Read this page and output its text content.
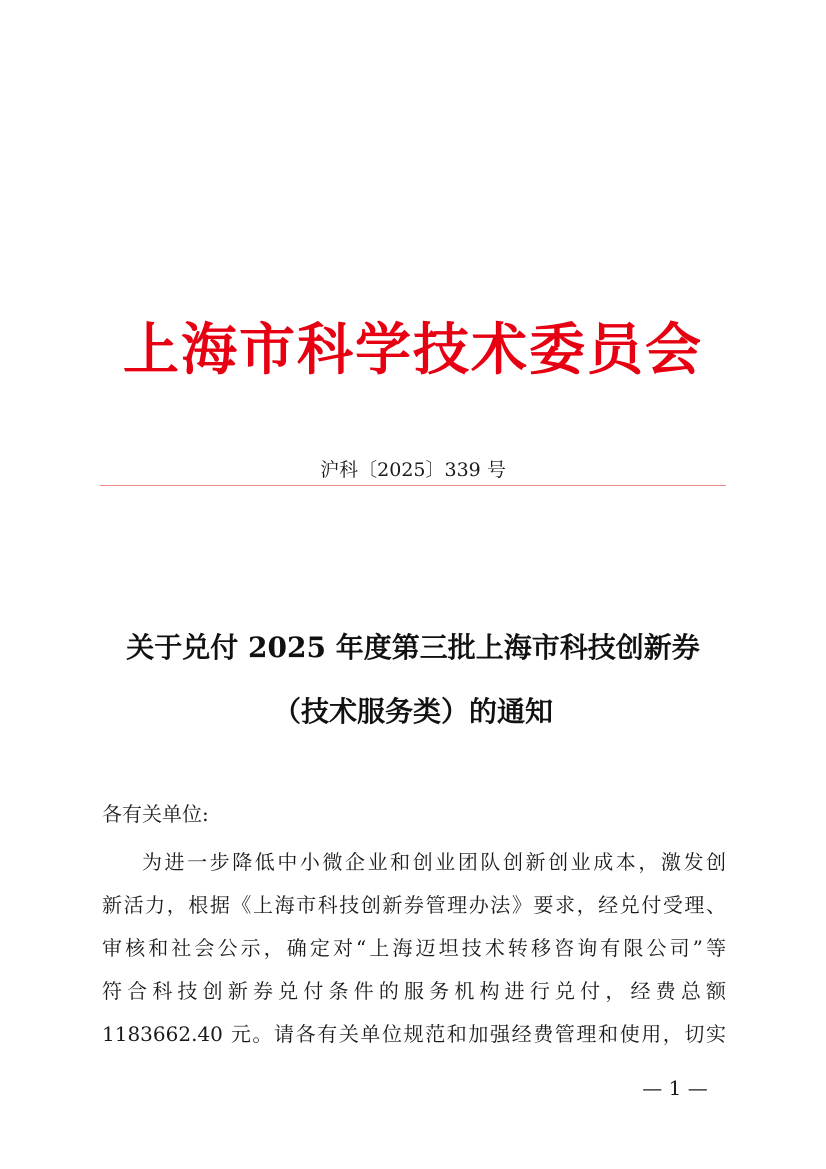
上海市科学技术委员会
沪科〔2025〕339 号
关于兑付 2025 年度第三批上海市科技创新券
（技术服务类）的通知
各有关单位:
为进一步降低中小微企业和创业团队创新创业成本，激发创
新活力，根据《上海市科技创新券管理办法》要求，经兑付受理、
审核和社会公示，确定对“上海迈坦技术转移咨询有限公司”等
符合科技创新券兑付条件的服务机构进行兑付，经费总额
1183662.40 元。请各有关单位规范和加强经费管理和使用，切实
— 1 —
